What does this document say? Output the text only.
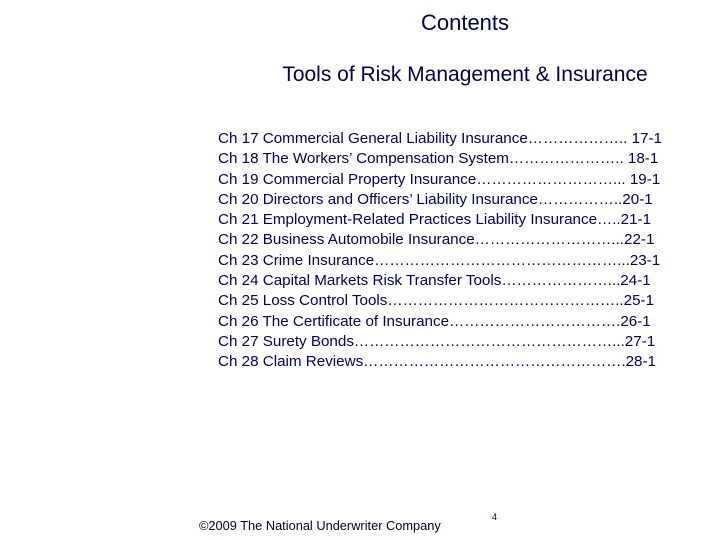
Contents
Tools of Risk Management & Insurance
Ch 17 Commercial General Liability Insurance……………….. 17-1
Ch 18 The Workers’ Compensation System………………….. 18-1
Ch 19 Commercial Property Insurance………………………... 19-1
Ch 20 Directors and Officers’ Liability Insurance……………..20-1
Ch 21 Employment-Related Practices Liability Insurance…..21-1
Ch 22 Business Automobile Insurance………………………...22-1
Ch 23 Crime Insurance…………………………………………...23-1
Ch 24 Capital Markets Risk Transfer Tools…………………...24-1
Ch 25 Loss Control Tools………………………………………..25-1
Ch 26 The Certificate of Insurance…………………………….26-1
Ch 27 Surety Bonds……………………………………………...27-1
Ch 28 Claim Reviews…………………………………………….28-1
©2009 The National Underwriter Company
4
